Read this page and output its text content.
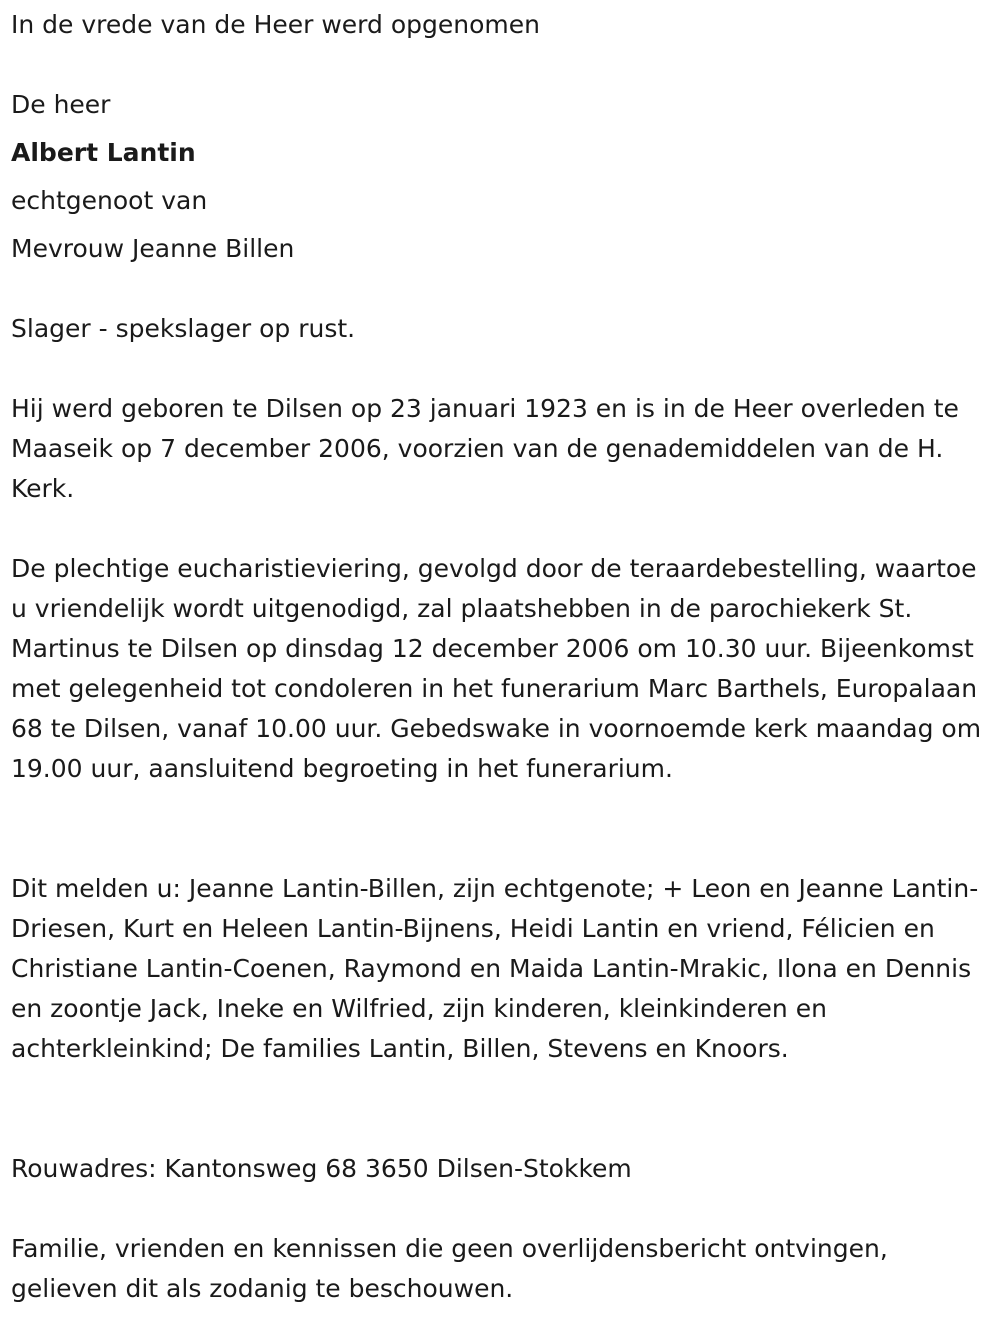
In de vrede van de Heer werd opgenomen
De heer
Albert Lantin
echtgenoot van
Mevrouw Jeanne Billen
Slager - spekslager op rust.
Hij werd geboren te Dilsen op 23 januari 1923 en is in de Heer overleden te Maaseik op 7 december 2006, voorzien van de genademiddelen van de H. Kerk.
De plechtige eucharistieviering, gevolgd door de teraardebestelling, waartoe u vriendelijk wordt uitgenodigd, zal plaatshebben in de parochiekerk St. Martinus te Dilsen op dinsdag 12 december 2006 om 10.30 uur. Bijeenkomst met gelegenheid tot condoleren in het funerarium Marc Barthels, Europalaan 68 te Dilsen, vanaf 10.00 uur. Gebedswake in voornoemde kerk maandag om 19.00 uur, aansluitend begroeting in het funerarium.
Dit melden u: Jeanne Lantin-Billen, zijn echtgenote; + Leon en Jeanne Lantin-Driesen, Kurt en Heleen Lantin-Bijnens, Heidi Lantin en vriend, Félicien en Christiane Lantin-Coenen, Raymond en Maida Lantin-Mrakic, Ilona en Dennis en zoontje Jack, Ineke en Wilfried, zijn kinderen, kleinkinderen en achterkleinkind; De families Lantin, Billen, Stevens en Knoors.
Rouwadres: Kantonsweg 68 3650 Dilsen-Stokkem
Familie, vrienden en kennissen die geen overlijdensbericht ontvingen, gelieven dit als zodanig te beschouwen.
